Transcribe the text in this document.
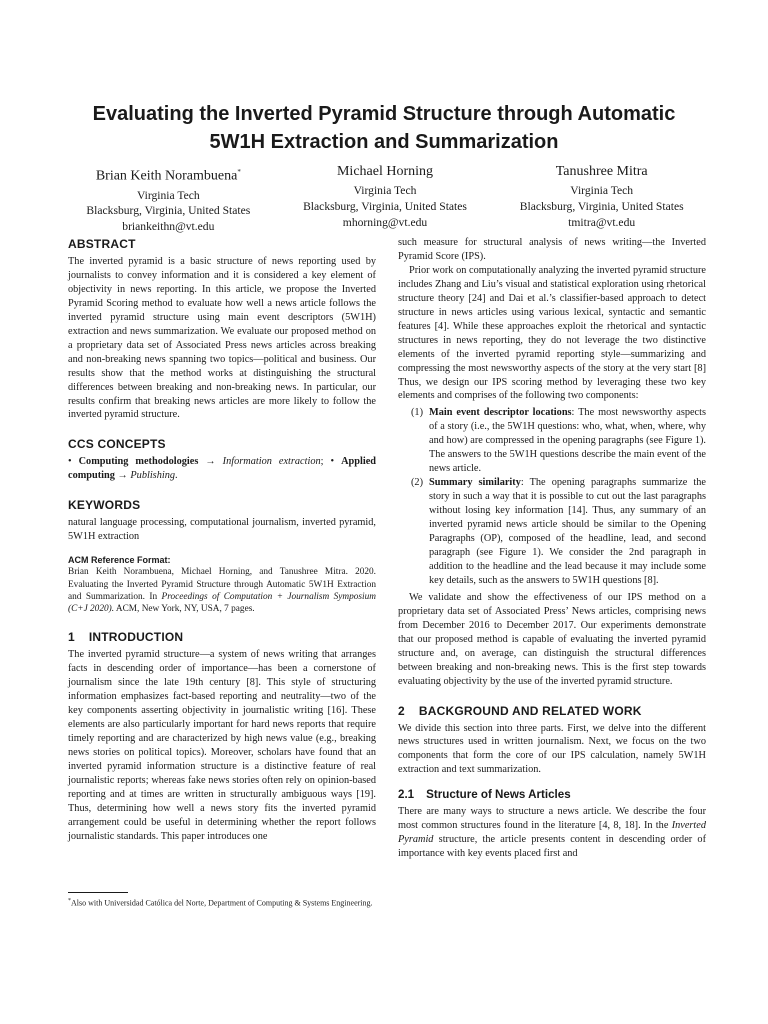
Evaluating the Inverted Pyramid Structure through Automatic
5W1H Extraction and Summarization
Brian Keith Norambuena*
Virginia Tech
Blacksburg, Virginia, United States
briankeithn@vt.edu
Michael Horning
Virginia Tech
Blacksburg, Virginia, United States
mhorning@vt.edu
Tanushree Mitra
Virginia Tech
Blacksburg, Virginia, United States
tmitra@vt.edu
ABSTRACT

The inverted pyramid is a basic structure of news reporting used by journalists to convey information and it is considered a key element of objectivity in news reporting. In this article, we propose the Inverted Pyramid Scoring method to evaluate how well a news article follows the inverted pyramid structure using main event descriptors (5W1H) extraction and news summarization. We evaluate our proposed method on a proprietary data set of Associated Press news articles across breaking and non-breaking news spanning two topics—political and business. Our results show that the method works at distinguishing the structural differences between breaking and non-breaking news. In particular, our results confirm that breaking news articles are more likely to follow the inverted pyramid structure.

CCS CONCEPTS

• Computing methodologies → Information extraction; • Applied computing → Publishing.

KEYWORDS

natural language processing, computational journalism, inverted pyramid, 5W1H extraction

ACM Reference Format:

Brian Keith Norambuena, Michael Horning, and Tanushree Mitra. 2020. Evaluating the Inverted Pyramid Structure through Automatic 5W1H Extraction and Summarization. In Proceedings of Computation + Journalism Symposium (C+J 2020). ACM, New York, NY, USA, 7 pages.

1 INTRODUCTION

The inverted pyramid structure—a system of news writing that arranges facts in descending order of importance—has been a cornerstone of journalism since the late 19th century [8]. This style of structuring information emphasizes fact-based reporting and neutrality—two of the key components asserting objectivity in journalistic writing [16]. These elements are also particularly important for hard news reports that require timely reporting and are characterized by high news value (e.g., breaking news stories on political topics). Moreover, scholars have found that an inverted pyramid information structure is a distinctive feature of real journalistic reports; whereas fake news stories often rely on opinion-based reporting and at times are written in structurally ambiguous ways [19]. Thus, determining how well a news story fits the inverted pyramid arrangement could be useful in determining whether the report follows journalistic standards. This paper introduces one

*Also with Universidad Católica del Norte, Department of Computing & Systems Engineering.

such measure for structural analysis of news writing—the Inverted Pyramid Score (IPS).

Prior work on computationally analyzing the inverted pyramid structure includes Zhang and Liu’s visual and statistical exploration using rhetorical structure theory [24] and Dai et al.’s classifier-based approach to detect structure in news articles using various lexical, syntactic and semantic features [4]. While these approaches exploit the rhetorical and syntactic structures in news reporting, they do not leverage the two distinctive elements of the inverted pyramid reporting style—summarizing and compressing the most newsworthy aspects of the story at the very start [8] Thus, we design our IPS scoring method by leveraging these two key elements and comprises of the following two components:

(1) Main event descriptor locations: The most newsworthy aspects of a story (i.e., the 5W1H questions: who, what, when, where, why and how) are compressed in the opening paragraphs (see Figure 1). The answers to the 5W1H questions describe the main event of the news article.
(2) Summary similarity: The opening paragraphs summarize the story in such a way that it is possible to cut out the last paragraphs without losing key information [14]. Thus, any summary of an inverted pyramid news article should be similar to the Opening Paragraphs (OP), composed of the headline, lead, and second paragraph (see Figure 1). We consider the 2nd paragraph in addition to the headline and the lead because it may include some key details, such as the answers to 5W1H questions [8].

We validate and show the effectiveness of our IPS method on a proprietary data set of Associated Press’ News articles, comprising news from December 2016 to December 2017. Our experiments demonstrate that our proposed method is capable of evaluating the inverted pyramid structure and, on average, can distinguish the structural differences between breaking and non-breaking news. This is the first step towards evaluating objectivity by the use of the inverted pyramid structure.

2 BACKGROUND AND RELATED WORK

We divide this section into three parts. First, we delve into the different news structures used in written journalism. Next, we focus on the two components that form the core of our IPS calculation, namely 5W1H extraction and text summarization.

2.1 Structure of News Articles

There are many ways to structure a news article. We describe the four most common structures found in the literature [4, 8, 18]. In the Inverted Pyramid structure, the article presents content in descending order of importance with key events placed first and
